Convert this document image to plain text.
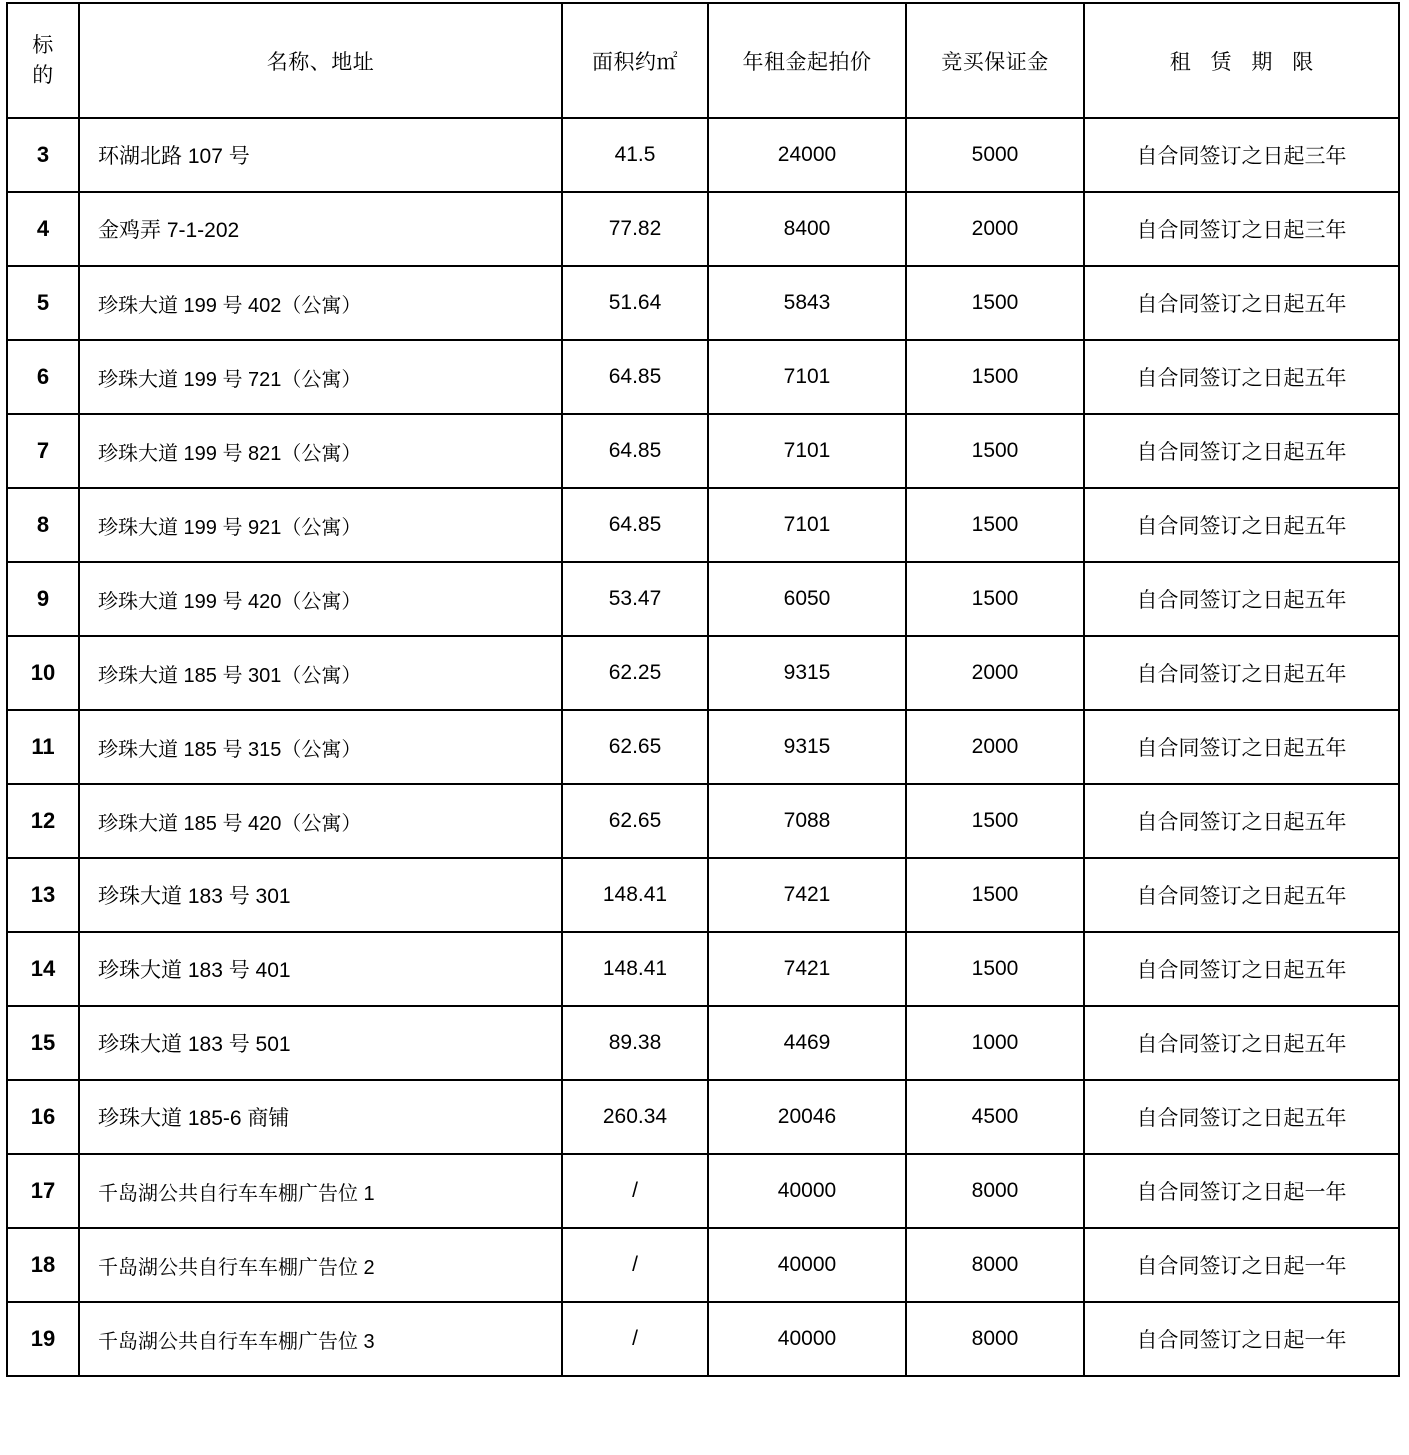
标
的	名称、地址	面积约㎡	年租金起拍价	竞买保证金	租 赁 期 限
3	环湖北路 107 号	41.5	24000	5000	自合同签订之日起三年
4	金鸡弄 7-1-202	77.82	8400	2000	自合同签订之日起三年
5	珍珠大道 199 号 402（公寓）	51.64	5843	1500	自合同签订之日起五年
6	珍珠大道 199 号 721（公寓）	64.85	7101	1500	自合同签订之日起五年
7	珍珠大道 199 号 821（公寓）	64.85	7101	1500	自合同签订之日起五年
8	珍珠大道 199 号 921（公寓）	64.85	7101	1500	自合同签订之日起五年
9	珍珠大道 199 号 420（公寓）	53.47	6050	1500	自合同签订之日起五年
10	珍珠大道 185 号 301（公寓）	62.25	9315	2000	自合同签订之日起五年
11	珍珠大道 185 号 315（公寓）	62.65	9315	2000	自合同签订之日起五年
12	珍珠大道 185 号 420（公寓）	62.65	7088	1500	自合同签订之日起五年
13	珍珠大道 183 号 301	148.41	7421	1500	自合同签订之日起五年
14	珍珠大道 183 号 401	148.41	7421	1500	自合同签订之日起五年
15	珍珠大道 183 号 501	89.38	4469	1000	自合同签订之日起五年
16	珍珠大道 185-6 商铺	260.34	20046	4500	自合同签订之日起五年
17	千岛湖公共自行车车棚广告位 1	/	40000	8000	自合同签订之日起一年
18	千岛湖公共自行车车棚广告位 2	/	40000	8000	自合同签订之日起一年
19	千岛湖公共自行车车棚广告位 3	/	40000	8000	自合同签订之日起一年
